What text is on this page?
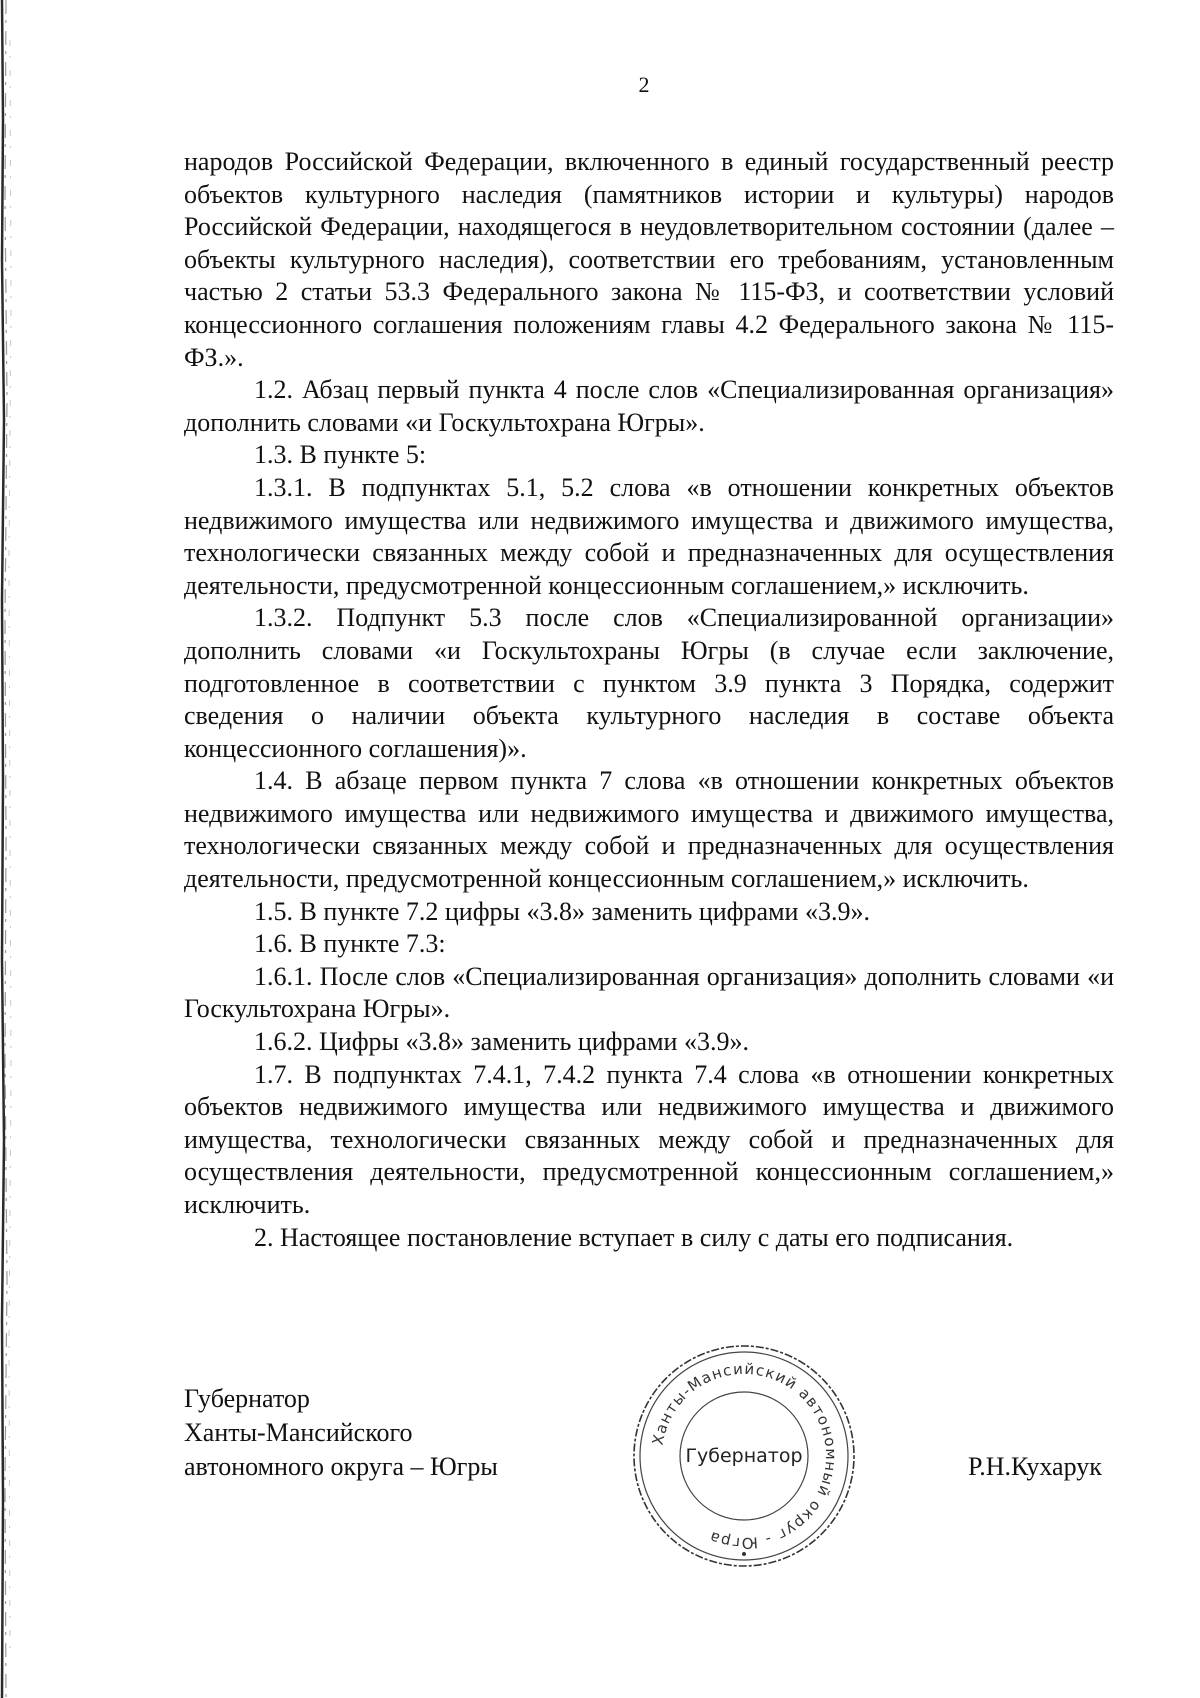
2

народов Российской Федерации, включенного в единый государственный реестр объектов культурного наследия (памятников истории и культуры) народов Российской Федерации, находящегося в неудовлетворительном состоянии (далее – объекты культурного наследия), соответствии его требованиям, установленным частью 2 статьи 53.3 Федерального закона № 115-ФЗ, и соответствии условий концессионного соглашения положениям главы 4.2 Федерального закона № 115-ФЗ.».

1.2. Абзац первый пункта 4 после слов «Специализированная организация» дополнить словами «и Госкультохрана Югры».

1.3. В пункте 5:

1.3.1. В подпунктах 5.1, 5.2 слова «в отношении конкретных объектов недвижимого имущества или недвижимого имущества и движимого имущества, технологически связанных между собой и предназначенных для осуществления деятельности, предусмотренной концессионным соглашением,» исключить.

1.3.2. Подпункт 5.3 после слов «Специализированной организации» дополнить словами «и Госкультохраны Югры (в случае если заключение, подготовленное в соответствии с пунктом 3.9 пункта 3 Порядка, содержит сведения о наличии объекта культурного наследия в составе объекта концессионного соглашения)».

1.4. В абзаце первом пункта 7 слова «в отношении конкретных объектов недвижимого имущества или недвижимого имущества и движимого имущества, технологически связанных между собой и предназначенных для осуществления деятельности, предусмотренной концессионным соглашением,» исключить.

1.5. В пункте 7.2 цифры «3.8» заменить цифрами «3.9».

1.6. В пункте 7.3:

1.6.1. После слов «Специализированная организация» дополнить словами «и Госкультохрана Югры».

1.6.2. Цифры «3.8» заменить цифрами «3.9».

1.7. В подпунктах 7.4.1, 7.4.2 пункта 7.4 слова «в отношении конкретных объектов недвижимого имущества или недвижимого имущества и движимого имущества, технологически связанных между собой и предназначенных для осуществления деятельности, предусмотренной концессионным соглашением,» исключить.

2. Настоящее постановление вступает в силу с даты его подписания.

Губернатор
Ханты-Мансийского
автономного округа – Югры
Ханты-Мансийский автономный округ - Югра
Губернатор	Р.Н.Кухарук
